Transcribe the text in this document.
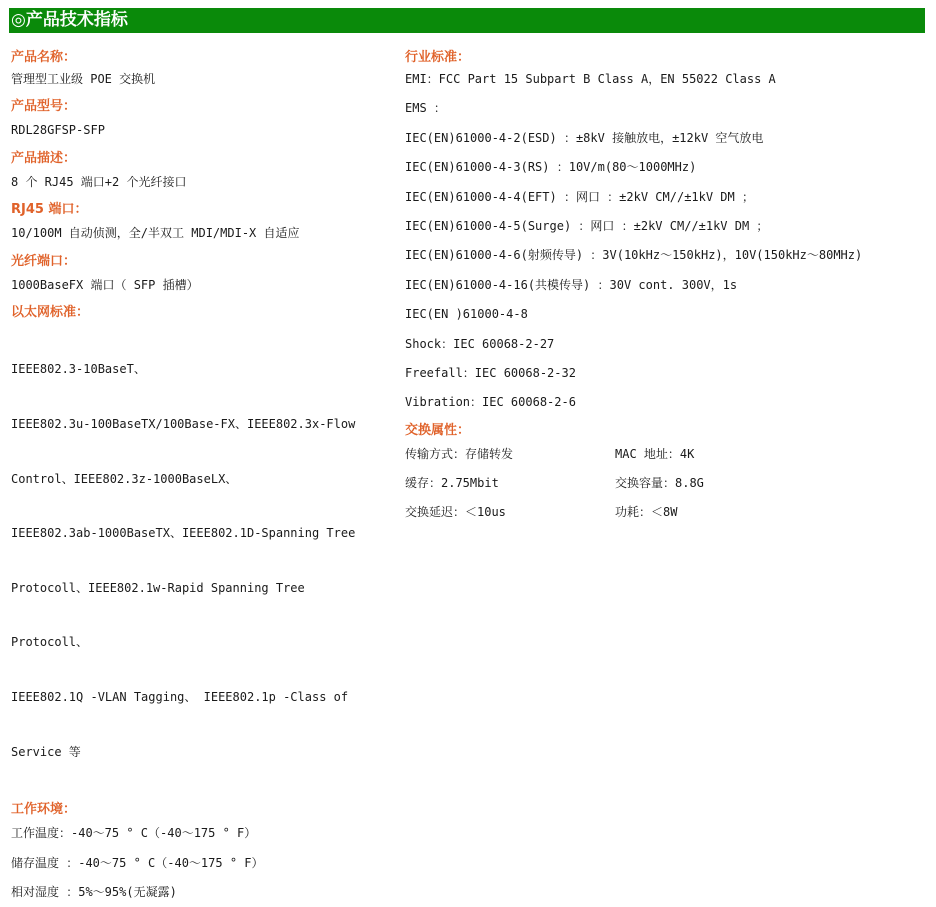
◎产品技术指标
产品名称：
管理型工业级 POE 交换机
产品型号：
RDL28GFSP-SFP
产品描述：
8 个 RJ45 端口+2 个光纤接口
RJ45 端口：
10/100M 自动侦测，全/半双工 MDI/MDI-X 自适应
光纤端口：
1000BaseFX 端口（ SFP 插槽）
以太网标准：

IEEE802.3-10BaseT、

IEEE802.3u-100BaseTX/100Base-FX、IEEE802.3x-Flow

Control、IEEE802.3z-1000BaseLX、

IEEE802.3ab-1000BaseTX、IEEE802.1D-Spanning Tree

Protocoll、IEEE802.1w-Rapid Spanning Tree

Protocoll、

IEEE802.1Q -VLAN Tagging、 IEEE802.1p -Class of

Service 等

工作环境：
工作温度：-40～75 ° C（-40～175 ° F）
储存温度 ：-40～75 ° C（-40～175 ° F）
相对湿度 ：5%～95%(无凝露)
行业标准：
EMI：FCC Part 15 Subpart B Class A，EN 55022 Class A
EMS ：
IEC(EN)61000-4-2(ESD) ：±8kV 接触放电，±12kV 空气放电
IEC(EN)61000-4-3(RS) ：10V/m(80～1000MHz)
IEC(EN)61000-4-4(EFT) ：网口 ：±2kV CM//±1kV DM ；
IEC(EN)61000-4-5(Surge) ：网口 ：±2kV CM//±1kV DM ；
IEC(EN)61000-4-6(射频传导) ：3V(10kHz～150kHz)，10V(150kHz～80MHz)
IEC(EN)61000-4-16(共模传导) ：30V cont. 300V，1s
IEC(EN )61000-4-8
Shock：IEC 60068-2-27
Freefall：IEC 60068-2-32
Vibration：IEC 60068-2-6
交换属性：
传输方式：存储转发	MAC 地址：4K
缓存：2.75Mbit	交换容量：8.8G
交换延迟：＜10us	功耗：＜8W
